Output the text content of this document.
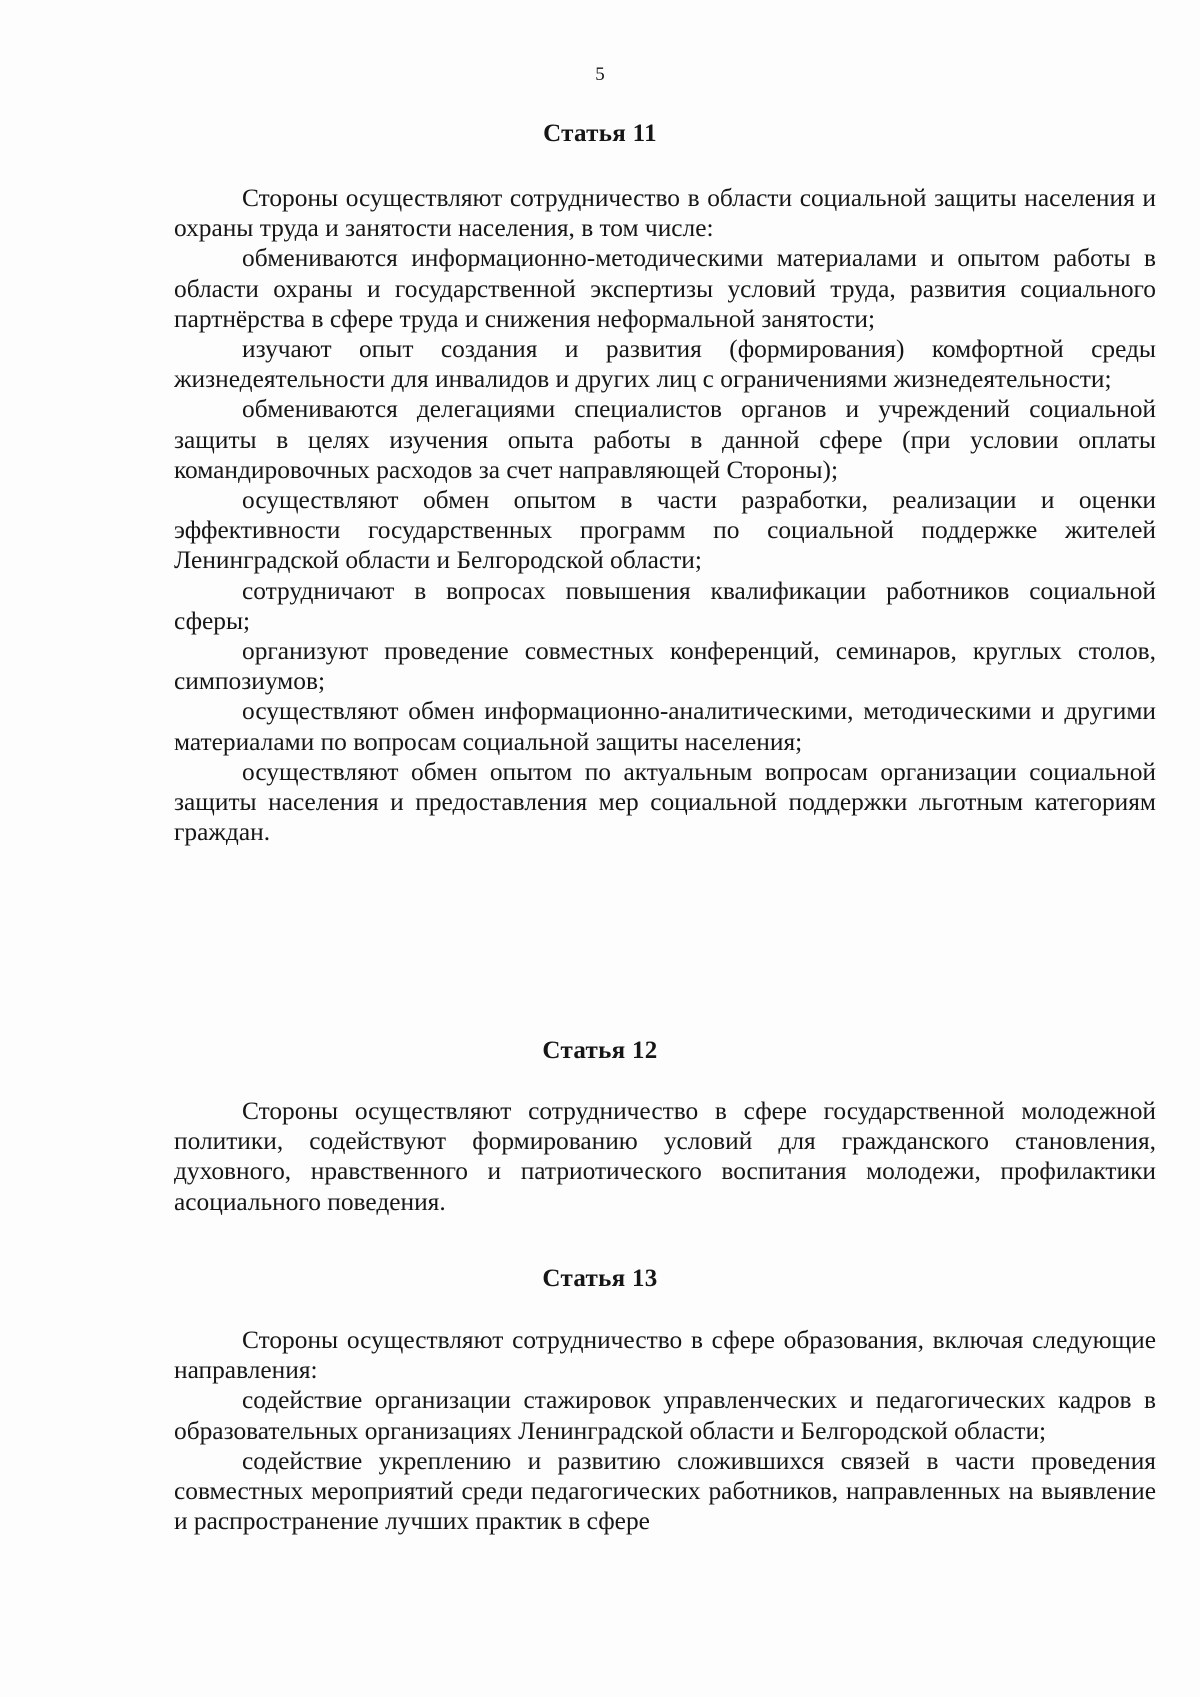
5
Статья 11

Стороны осуществляют сотрудничество в области социальной защиты населения и охраны труда и занятости населения, в том числе:

обмениваются информационно-методическими материалами и опытом работы в области охраны и государственной экспертизы условий труда, развития социального партнёрства в сфере труда и снижения неформальной занятости;

изучают опыт создания и развития (формирования) комфортной среды жизнедеятельности для инвалидов и других лиц с ограничениями жизнедеятельности;

обмениваются делегациями специалистов органов и учреждений социальной защиты в целях изучения опыта работы в данной сфере (при условии оплаты командировочных расходов за счет направляющей Стороны);

осуществляют обмен опытом в части разработки, реализации и оценки эффективности государственных программ по социальной поддержке жителей Ленинградской области и Белгородской области;

сотрудничают в вопросах повышения квалификации работников социальной сферы;

организуют проведение совместных конференций, семинаров, круглых столов, симпозиумов;

осуществляют обмен информационно-аналитическими, методическими и другими материалами по вопросам социальной защиты населения;

осуществляют обмен опытом по актуальным вопросам организации социальной защиты населения и предоставления мер социальной поддержки льготным категориям граждан.

Статья 12

Стороны осуществляют сотрудничество в сфере государственной молодежной политики, содействуют формированию условий для гражданского становления, духовного, нравственного и патриотического воспитания молодежи, профилактики асоциального поведения.

Статья 13

Стороны осуществляют сотрудничество в сфере образования, включая следующие направления:

содействие организации стажировок управленческих и педагогических кадров в образовательных организациях Ленинградской области и Белгородской области;

содействие укреплению и развитию сложившихся связей в части проведения совместных мероприятий среди педагогических работников, направленных на выявление и распространение лучших практик в сфере
